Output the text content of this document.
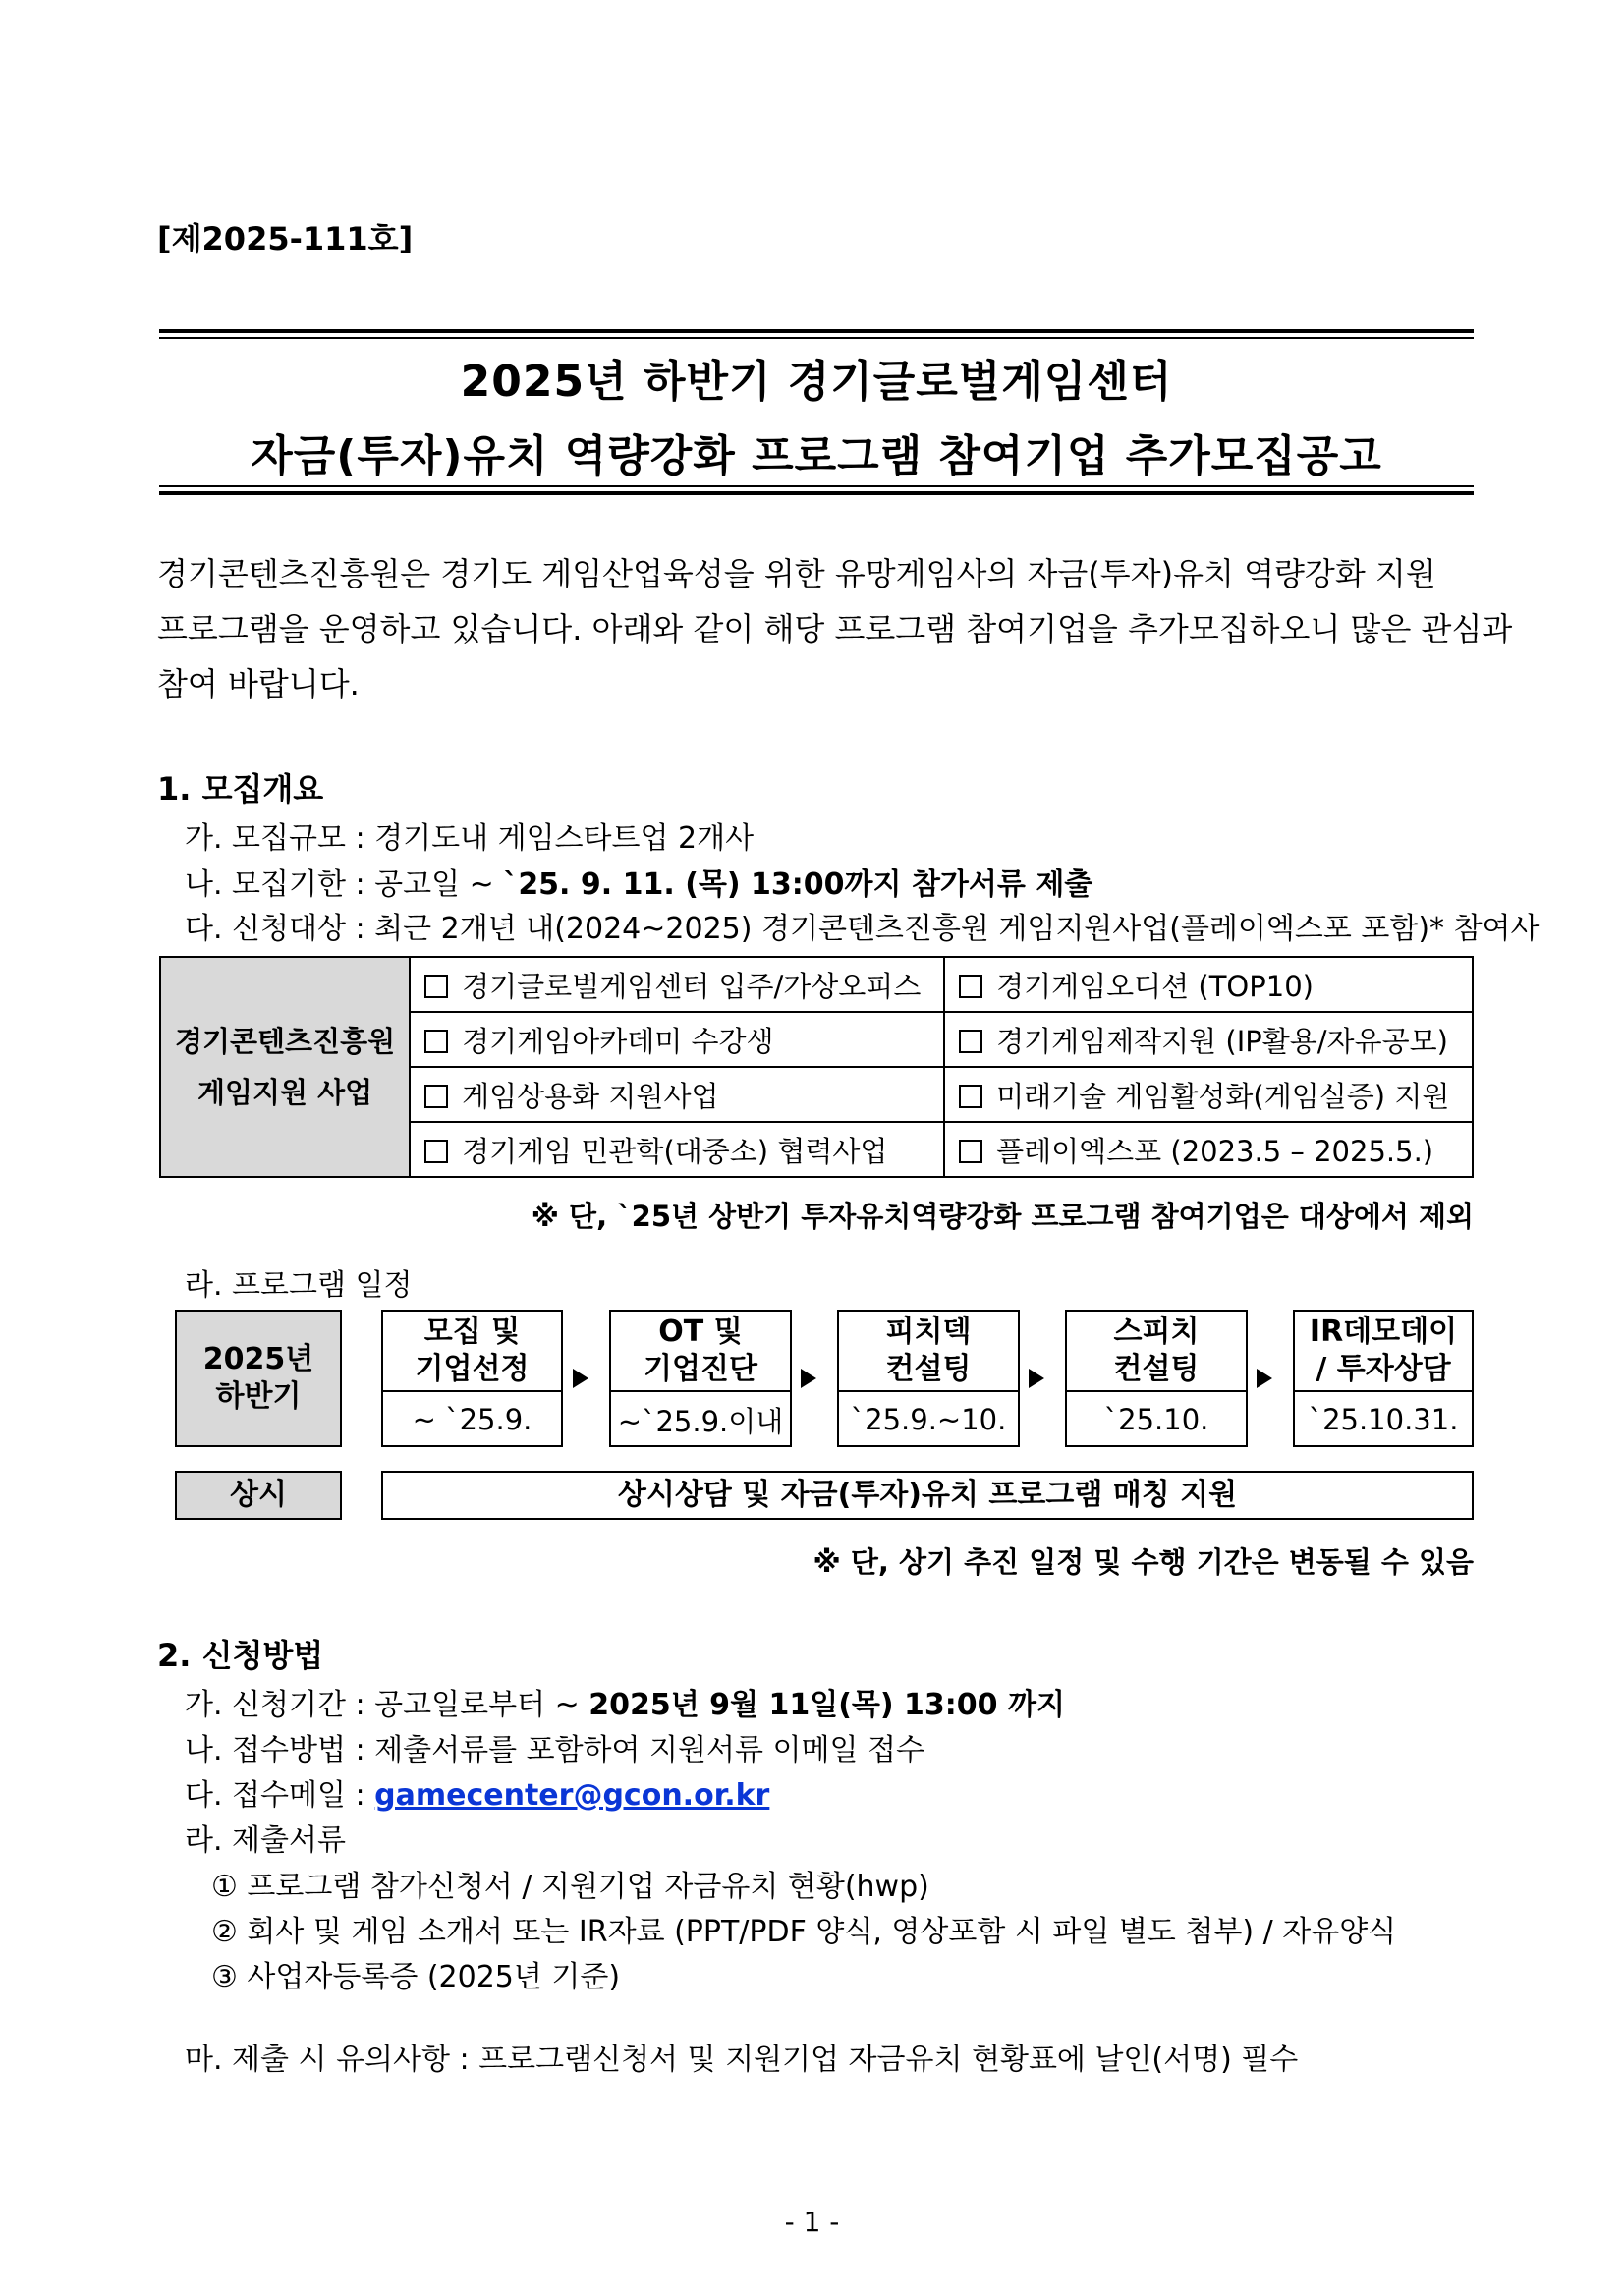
[제2025-111호]
2025년 하반기 경기글로벌게임센터
자금(투자)유치 역량강화 프로그램 참여기업 추가모집공고
경기콘텐츠진흥원은 경기도 게임산업육성을 위한 유망게임사의 자금(투자)유치 역량강화 지원
프로그램을 운영하고 있습니다. 아래와 같이 해당 프로그램 참여기업을 추가모집하오니 많은 관심과
참여 바랍니다.
1. 모집개요
가. 모집규모 : 경기도내 게임스타트업 2개사
나. 모집기한 : 공고일 ~ `25. 9. 11. (목) 13:00까지 참가서류 제출
다. 신청대상 : 최근 2개년 내(2024~2025) 경기콘텐츠진흥원 게임지원사업(플레이엑스포 포함)* 참여사
경기콘텐츠진흥원
게임지원 사업	경기글로벌게임센터 입주/가상오피스	경기게임오디션 (TOP10)
	경기게임아카데미 수강생	경기게임제작지원 (IP활용/자유공모)
	게임상용화 지원사업	미래기술 게임활성화(게임실증) 지원
	경기게임 민관학(대중소) 협력사업	플레이엑스포 (2023.5 – 2025.5.)
※ 단, `25년 상반기 투자유치역량강화 프로그램 참여기업은 대상에서 제외
라. 프로그램 일정
2025년
하반기
모집 및
기업선정
~ `25.9.
OT 및
기업진단
~`25.9.이내
피치덱
컨설팅
`25.9.~10.
스피치
컨설팅
`25.10.
IR데모데이
/ 투자상담
`25.10.31.
상시	상시상담 및 자금(투자)유치 프로그램 매칭 지원
※ 단, 상기 추진 일정 및 수행 기간은 변동될 수 있음
2. 신청방법
가. 신청기간 : 공고일로부터 ~ 2025년 9월 11일(목) 13:00 까지
나. 접수방법 : 제출서류를 포함하여 지원서류 이메일 접수
다. 접수메일 : gamecenter@gcon.or.kr
라. 제출서류
① 프로그램 참가신청서 / 지원기업 자금유치 현황(hwp)
② 회사 및 게임 소개서 또는 IR자료 (PPT/PDF 양식, 영상포함 시 파일 별도 첨부) / 자유양식
③ 사업자등록증 (2025년 기준)
마. 제출 시 유의사항 : 프로그램신청서 및 지원기업 자금유치 현황표에 날인(서명) 필수
- 1 -
